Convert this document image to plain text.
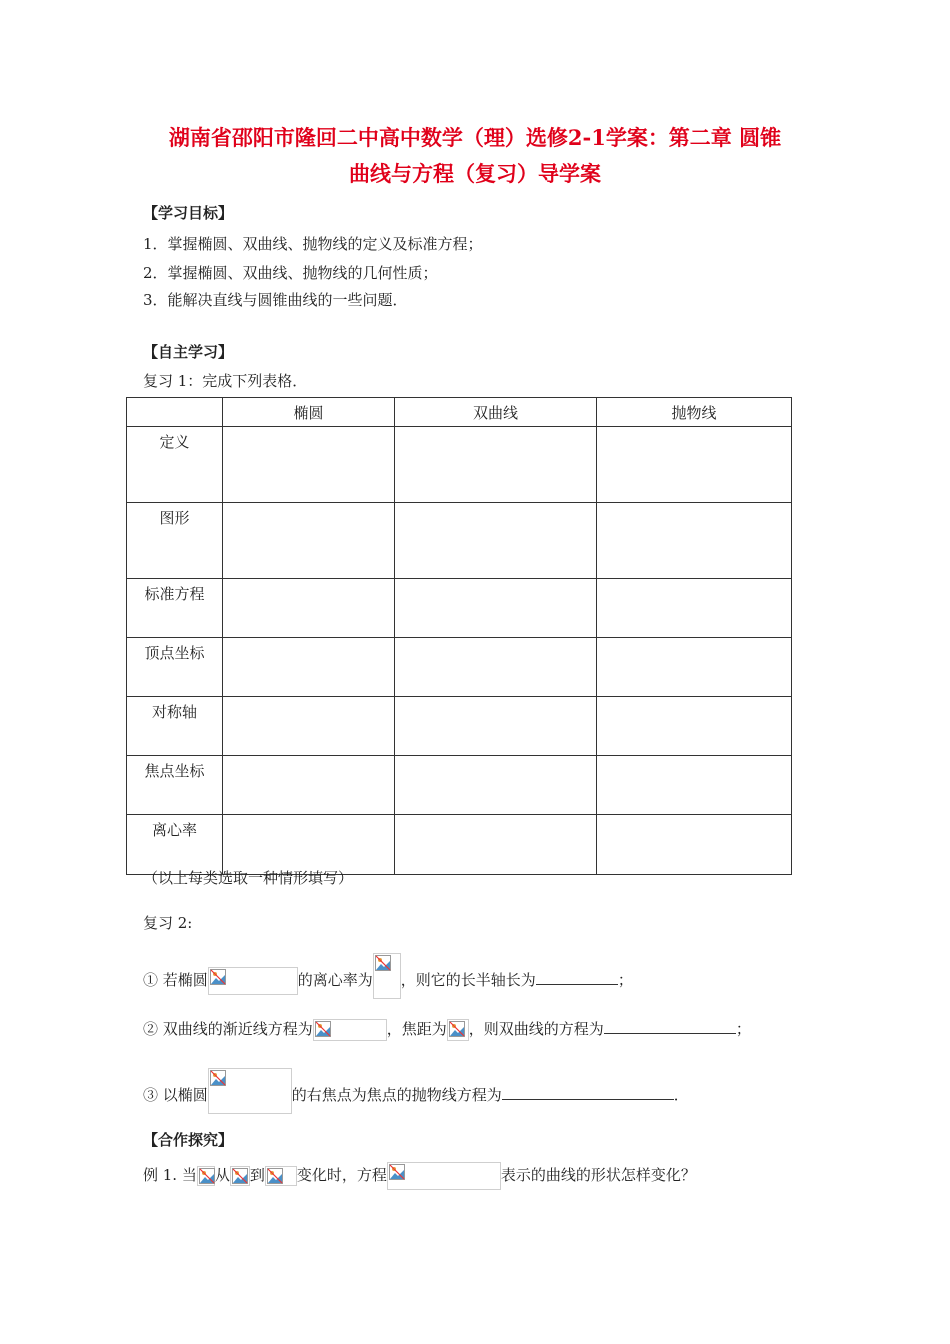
湖南省邵阳市隆回二中高中数学（理）选修2-1学案：第二章 圆锥
曲线与方程（复习）导学案
【学习目标】
1．掌握椭圆、双曲线、抛物线的定义及标准方程；
2．掌握椭圆、双曲线、抛物线的几何性质；
3．能解决直线与圆锥曲线的一些问题．
【自主学习】
复习 1：完成下列表格．
	椭圆	双曲线	抛物线
定义			
图形			
标准方程			
顶点坐标			
对称轴			
焦点坐标			
离心率			
（以上每类选取一种情形填写）
复习 2:
① 若椭圆	的离心率为 ，则它的长半轴长为	；
② 双曲线的渐近线方程为	，焦距为 ，则双曲线的方程为	；
③ 以椭圆	的右焦点为焦点的抛物线方程为	．
【合作探究】
例 1. 当 从 到 变化时，方程	表示的曲线的形状怎样变化？
